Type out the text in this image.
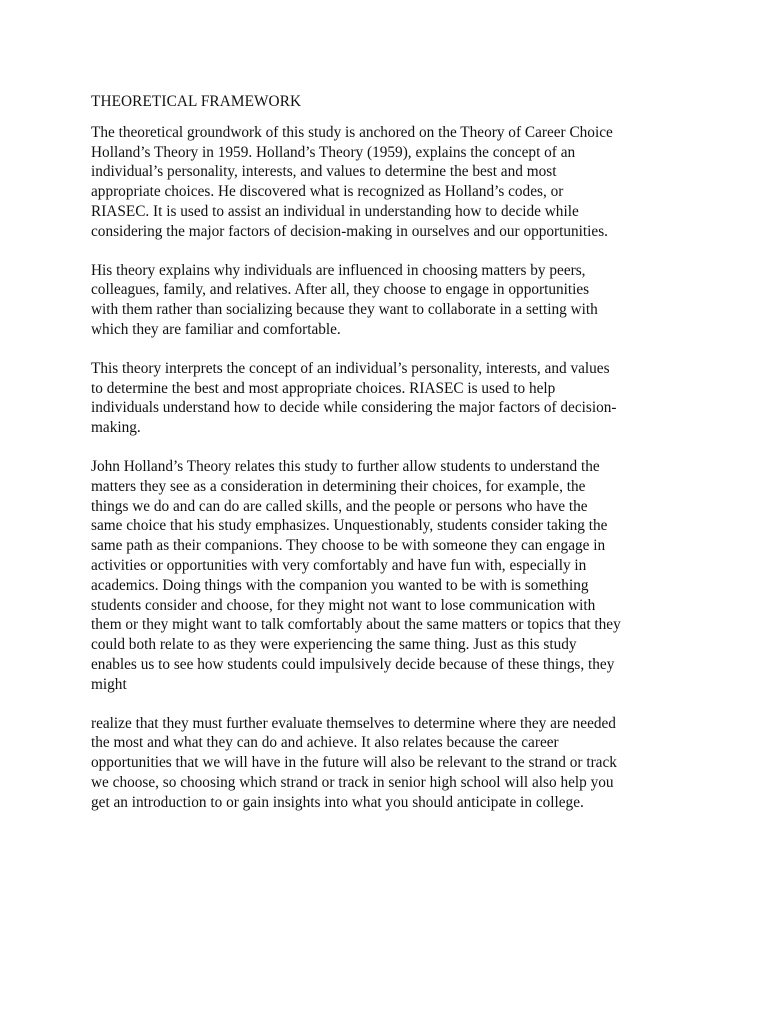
THEORETICAL FRAMEWORK

The theoretical groundwork of this study is anchored on the Theory of Career Choice
Holland’s Theory in 1959. Holland’s Theory (1959), explains the concept of an
individual’s personality, interests, and values to determine the best and most
appropriate choices. He discovered what is recognized as Holland’s codes, or
RIASEC. It is used to assist an individual in understanding how to decide while
considering the major factors of decision-making in ourselves and our opportunities.

His theory explains why individuals are influenced in choosing matters by peers,
colleagues, family, and relatives. After all, they choose to engage in opportunities
with them rather than socializing because they want to collaborate in a setting with
which they are familiar and comfortable.

This theory interprets the concept of an individual’s personality, interests, and values
to determine the best and most appropriate choices. RIASEC is used to help
individuals understand how to decide while considering the major factors of decision-
making.

John Holland’s Theory relates this study to further allow students to understand the
matters they see as a consideration in determining their choices, for example, the
things we do and can do are called skills, and the people or persons who have the
same choice that his study emphasizes. Unquestionably, students consider taking the
same path as their companions. They choose to be with someone they can engage in
activities or opportunities with very comfortably and have fun with, especially in
academics. Doing things with the companion you wanted to be with is something
students consider and choose, for they might not want to lose communication with
them or they might want to talk comfortably about the same matters or topics that they
could both relate to as they were experiencing the same thing. Just as this study
enables us to see how students could impulsively decide because of these things, they
might

realize that they must further evaluate themselves to determine where they are needed
the most and what they can do and achieve. It also relates because the career
opportunities that we will have in the future will also be relevant to the strand or track
we choose, so choosing which strand or track in senior high school will also help you
get an introduction to or gain insights into what you should anticipate in college.
